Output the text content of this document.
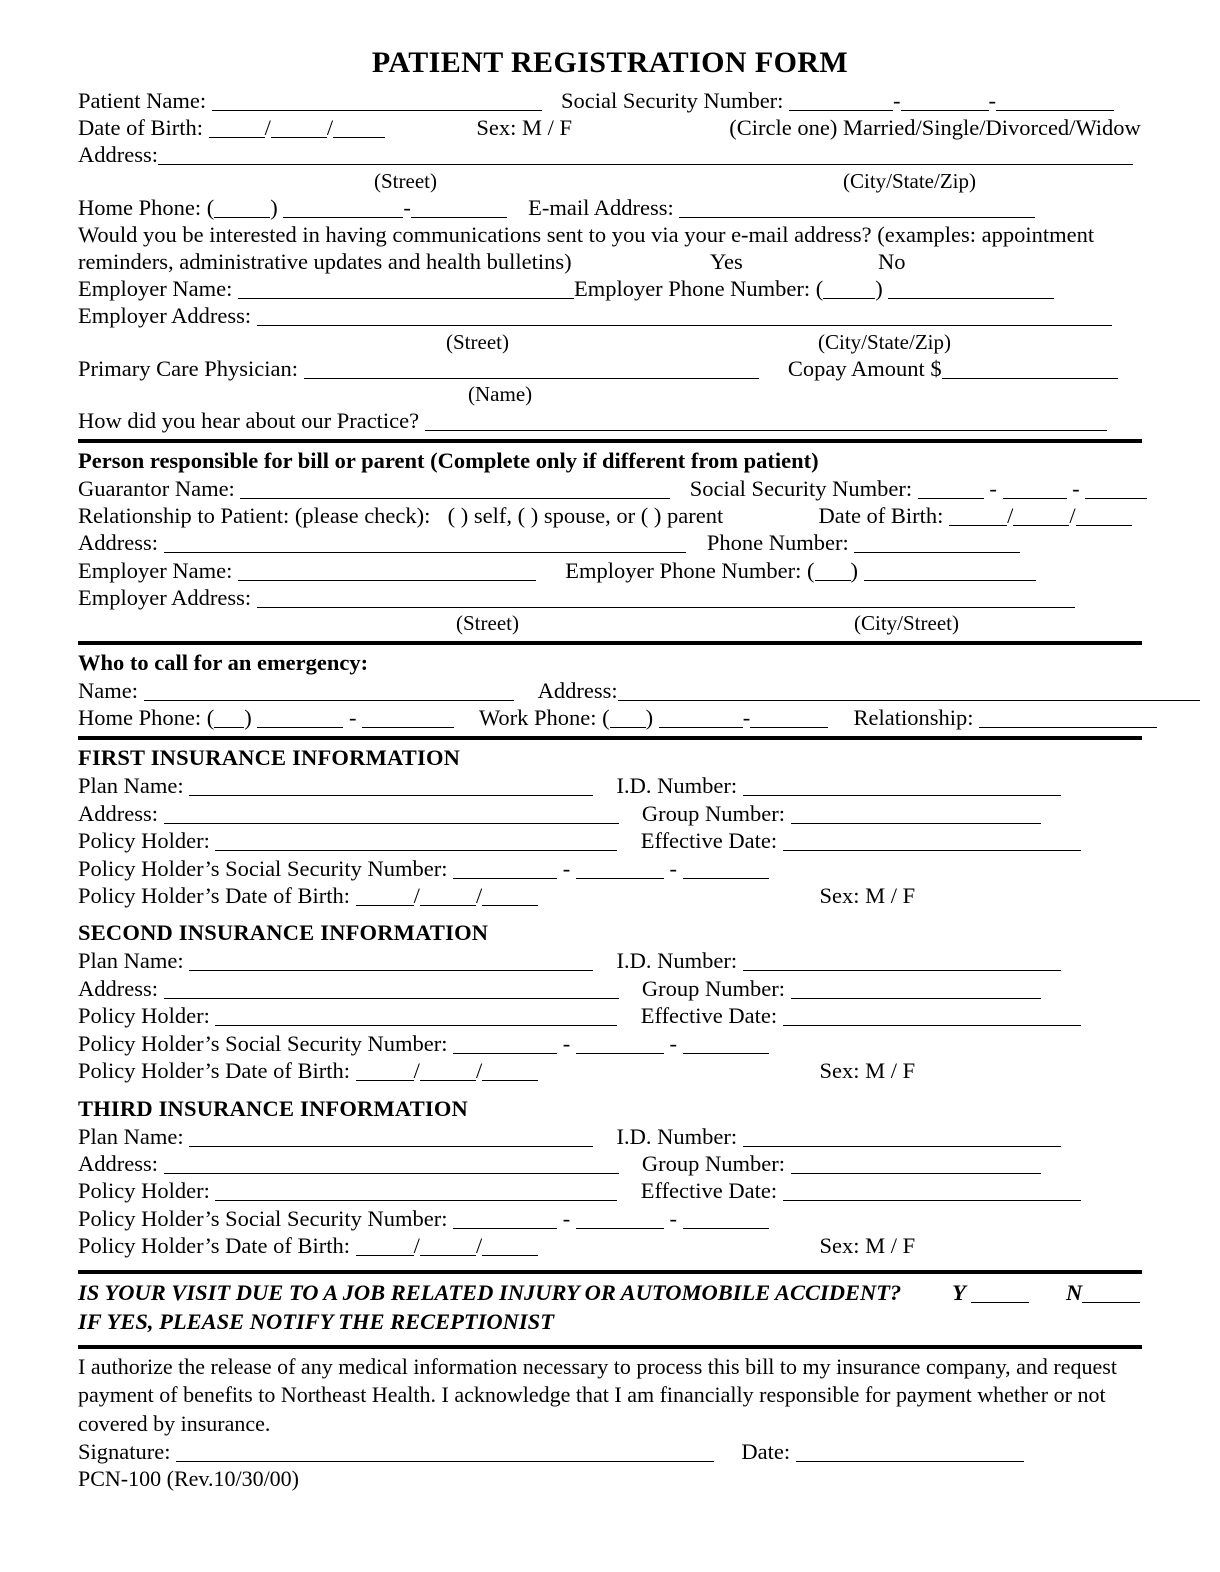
PATIENT REGISTRATION FORM
Patient Name:	Social Security Number:	-	-
Date of Birth:	/ /	Sex: M / F	(Circle one) Married/Single/Divorced/Widow
Address:
(Street)	(City/State/Zip)
Home Phone: ( )	-	E-mail Address:
Would you be interested in having communications sent to you via your e-mail address? (examples: appointment
reminders, administrative updates and health bulletins)	Yes	No
Employer Name:	Employer Phone Number: ( )
Employer Address:
(Street)	(City/State/Zip)
Primary Care Physician:	Copay Amount $
(Name)
How did you hear about our Practice?
Person responsible for bill or parent (Complete only if different from patient)
Guarantor Name:	Social Security Number:	-	-
Relationship to Patient: (please check): ( ) self, ( ) spouse, or ( ) parent	Date of Birth:	/ /
Address:	Phone Number:
Employer Name:	Employer Phone Number: ( )
Employer Address:
(Street)	(City/Street)
Who to call for an emergency:
Name:	Address:
Home Phone: ( )	-	Work Phone: ( )	-	Relationship:
FIRST INSURANCE INFORMATION
Plan Name:	I.D. Number:
Address:	Group Number:
Policy Holder:	Effective Date:
Policy Holder’s Social Security Number:	-	-
Policy Holder’s Date of Birth:	/ /	Sex: M / F
SECOND INSURANCE INFORMATION
Plan Name:	I.D. Number:
Address:	Group Number:
Policy Holder:	Effective Date:
Policy Holder’s Social Security Number:	-	-
Policy Holder’s Date of Birth:	/ /	Sex: M / F
THIRD INSURANCE INFORMATION
Plan Name:	I.D. Number:
Address:	Group Number:
Policy Holder:	Effective Date:
Policy Holder’s Social Security Number:	-	-
Policy Holder’s Date of Birth:	/ /	Sex: M / F
IS YOUR VISIT DUE TO A JOB RELATED INJURY OR AUTOMOBILE ACCIDENT? Y	N
IF YES, PLEASE NOTIFY THE RECEPTIONIST
I authorize the release of any medical information necessary to process this bill to my insurance company, and request payment of benefits to Northeast Health. I acknowledge that I am financially responsible for payment whether or not covered by insurance.
Signature:	Date:
PCN-100 (Rev.10/30/00)
